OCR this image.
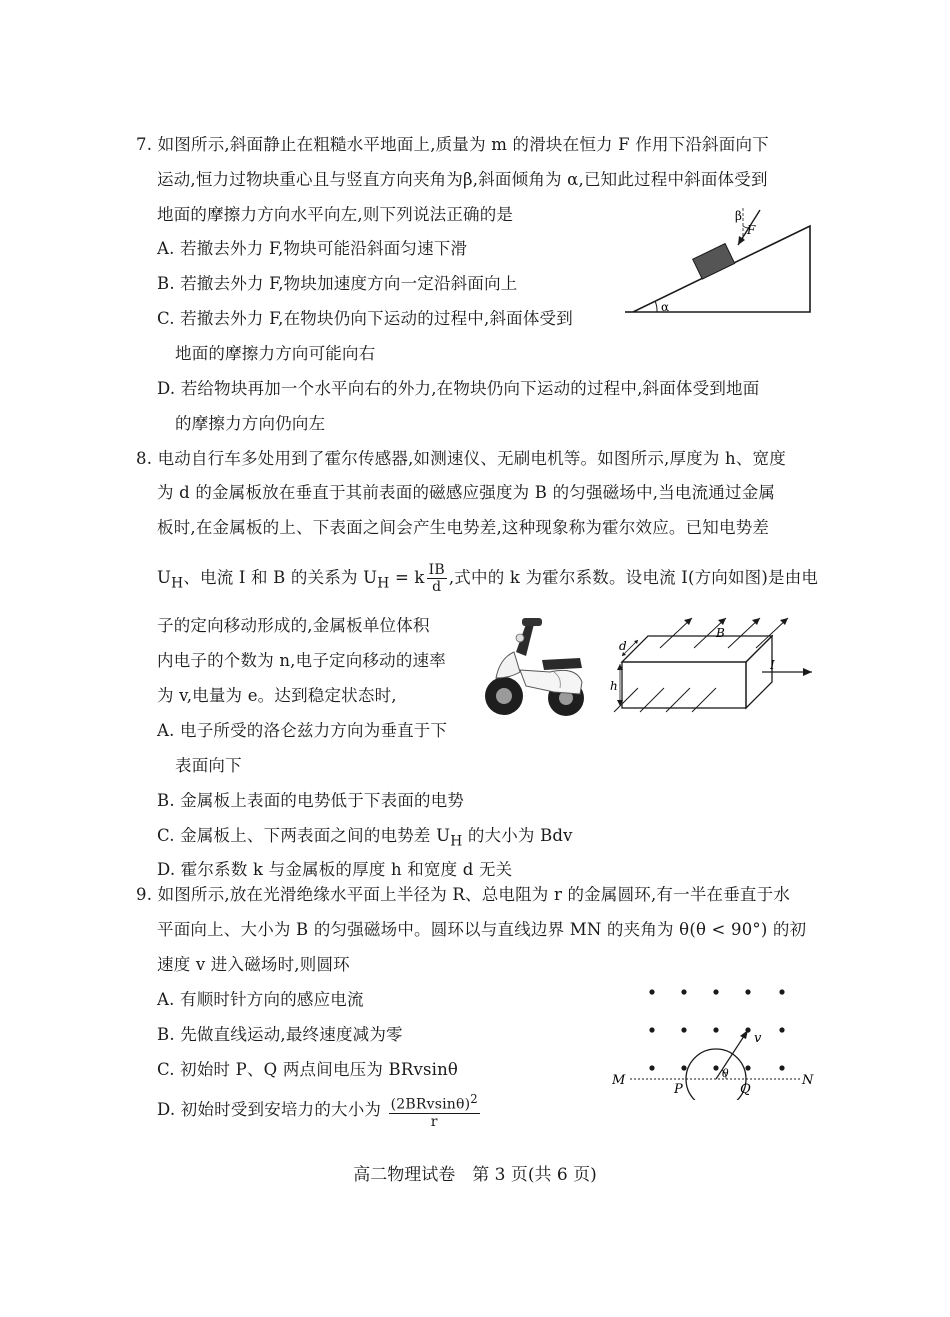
7. 如图所示,斜面静止在粗糙水平地面上,质量为 m 的滑块在恒力 F 作用下沿斜面向下
运动,恒力过物块重心且与竖直方向夹角为β,斜面倾角为 α,已知此过程中斜面体受到
地面的摩擦力方向水平向左,则下列说法正确的是
A. 若撤去外力 F,物块可能沿斜面匀速下滑
B. 若撤去外力 F,物块加速度方向一定沿斜面向上
C. 若撤去外力 F,在物块仍向下运动的过程中,斜面体受到
地面的摩擦力方向可能向右
D. 若给物块再加一个水平向右的外力,在物块仍向下运动的过程中,斜面体受到地面
的摩擦力方向仍向左
α
β
F
8. 电动自行车多处用到了霍尔传感器,如测速仪、无刷电机等。如图所示,厚度为 h、宽度
为 d 的金属板放在垂直于其前表面的磁感应强度为 B 的匀强磁场中,当电流通过金属
板时,在金属板的上、下表面之间会产生电势差,这种现象称为霍尔效应。已知电势差
$U_H$、电流 I 和 B 的关系为 $U_H = k \frac{IB}{d}$ ,式中的 k 为霍尔系数。设电流 I(方向如图)是由电
子的定向移动形成的,金属板单位体积
内电子的个数为 n,电子定向移动的速率
为 v,电量为 e。达到稳定状态时,
A. 电子所受的洛仑兹力方向为垂直于下
表面向下
B. 金属板上表面的电势低于下表面的电势
C. 金属板上、下两表面之间的电势差 $U_H$ 的大小为 Bdv
D. 霍尔系数 k 与金属板的厚度 h 和宽度 d 无关
d
B
h
I
9. 如图所示,放在光滑绝缘水平面上半径为 R、总电阻为 r 的金属圆环,有一半在垂直于水
平面向上、大小为 B 的匀强磁场中。圆环以与直线边界 MN 的夹角为 θ(θ < 90°) 的初
速度 v 进入磁场时,则圆环
A. 有顺时针方向的感应电流
B. 先做直线运动,最终速度减为零
C. 初始时 P、Q 两点间电压为 BRvsinθ
D. 初始时受到安培力的大小为 $\frac{(2BRvsin\theta)^2}{r}$
M	N
P	Q
v
θ
高二物理试卷　第 3 页(共 6 页)
